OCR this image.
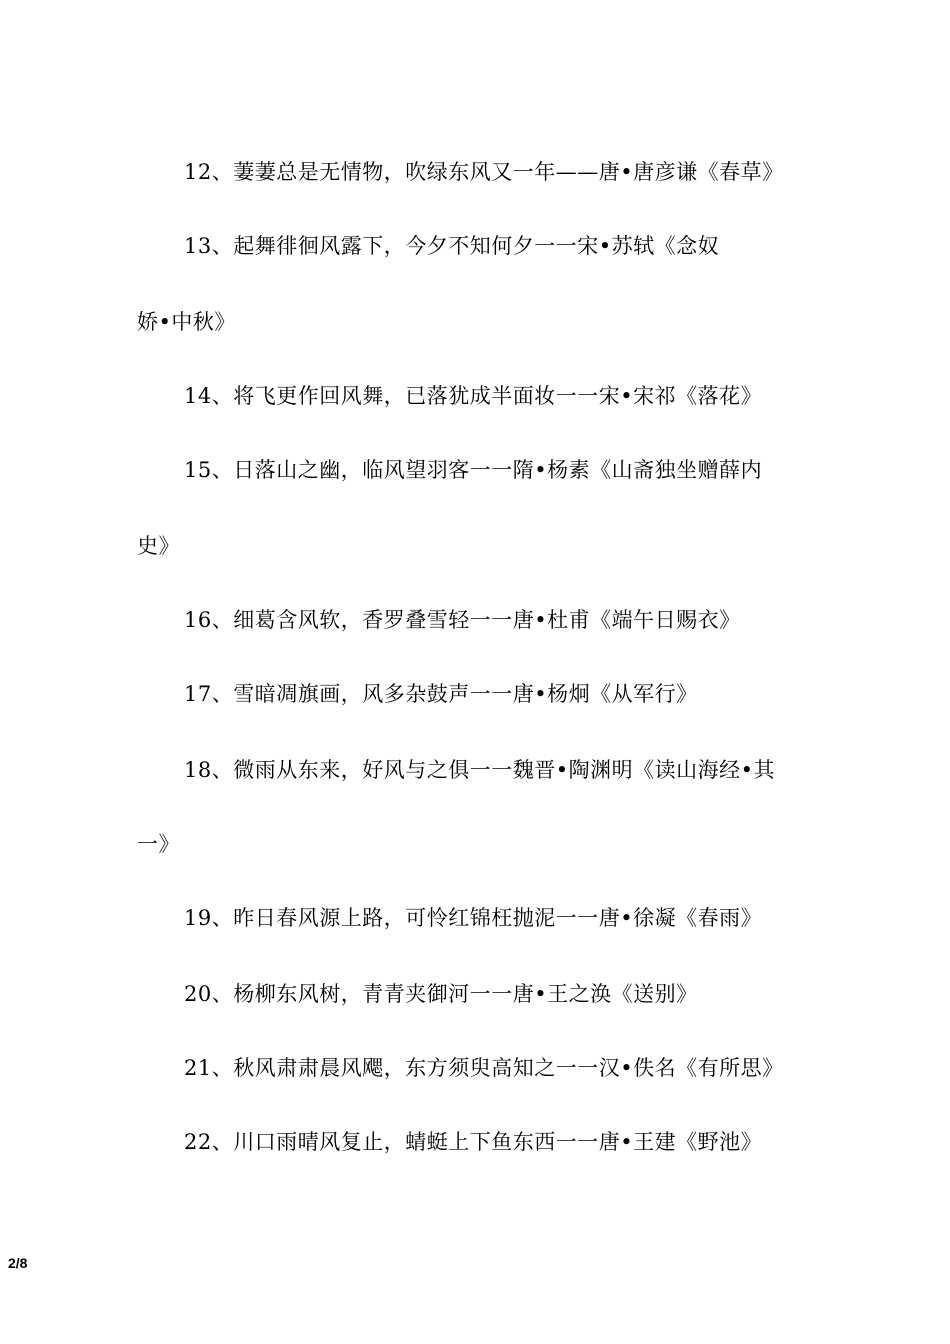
12、萋萋总是无情物，吹绿东风又一年——唐•唐彦谦《春草》
13、起舞徘徊风露下，今夕不知何夕一一宋•苏轼《念奴
娇•中秋》
14、将飞更作回风舞，已落犹成半面妆一一宋•宋祁《落花》
15、日落山之幽，临风望羽客一一隋•杨素《山斋独坐赠薛内
史》
16、细葛含风软，香罗叠雪轻一一唐•杜甫《端午日赐衣》
17、雪暗凋旗画，风多杂鼓声一一唐•杨炯《从军行》
18、微雨从东来，好风与之俱一一魏晋•陶渊明《读山海经•其
一》
19、昨日春风源上路，可怜红锦枉抛泥一一唐•徐凝《春雨》
20、杨柳东风树，青青夹御河一一唐•王之涣《送别》
21、秋风肃肃晨风飔，东方须臾高知之一一汉•佚名《有所思》
22、川口雨晴风复止，蜻蜓上下鱼东西一一唐•王建《野池》
2/8
